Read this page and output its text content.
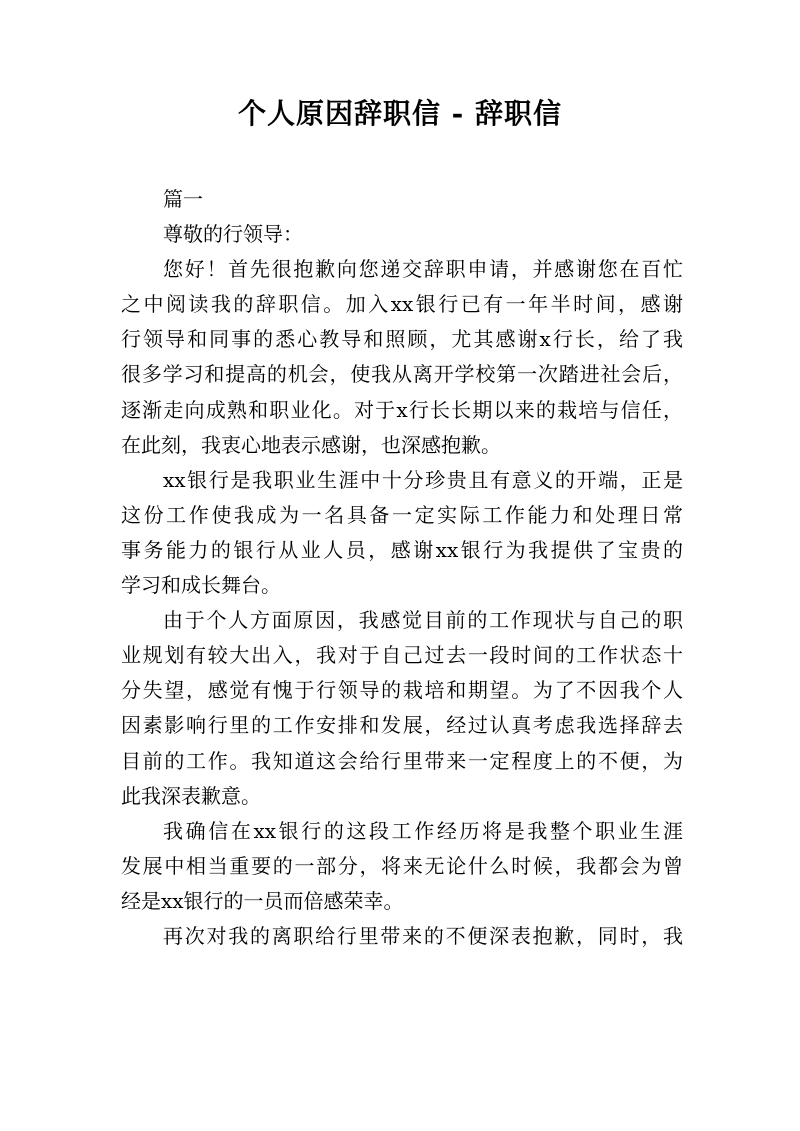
个人原因辞职信 - 辞职信
篇一
尊敬的行领导：
您好！首先很抱歉向您递交辞职申请，并感谢您在百忙
之中阅读我的辞职信。加入xx银行已有一年半时间，感谢
行领导和同事的悉心教导和照顾，尤其感谢x行长，给了我
很多学习和提高的机会，使我从离开学校第一次踏进社会后，
逐渐走向成熟和职业化。对于x行长长期以来的栽培与信任，
在此刻，我衷心地表示感谢，也深感抱歉。
xx银行是我职业生涯中十分珍贵且有意义的开端，正是
这份工作使我成为一名具备一定实际工作能力和处理日常
事务能力的银行从业人员，感谢xx银行为我提供了宝贵的
学习和成长舞台。
由于个人方面原因，我感觉目前的工作现状与自己的职
业规划有较大出入，我对于自己过去一段时间的工作状态十
分失望，感觉有愧于行领导的栽培和期望。为了不因我个人
因素影响行里的工作安排和发展，经过认真考虑我选择辞去
目前的工作。我知道这会给行里带来一定程度上的不便，为
此我深表歉意。
我确信在xx银行的这段工作经历将是我整个职业生涯
发展中相当重要的一部分，将来无论什么时候，我都会为曾
经是xx银行的一员而倍感荣幸。
再次对我的离职给行里带来的不便深表抱歉，同时，我
